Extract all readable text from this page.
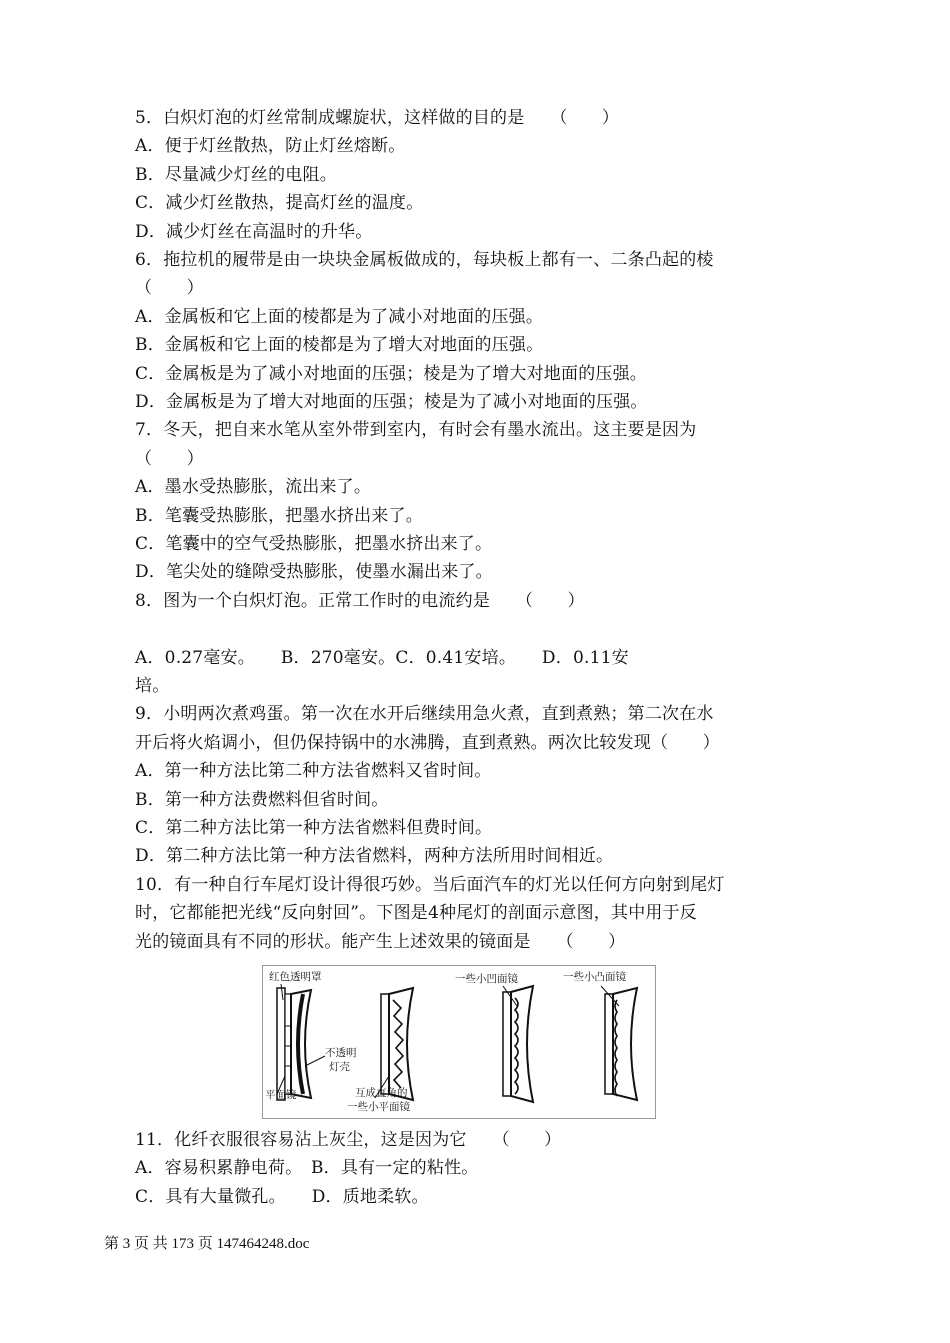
5．白炽灯泡的灯丝常制成螺旋状，这样做的目的是　　（　　）
A．便于灯丝散热，防止灯丝熔断。
B．尽量减少灯丝的电阻。
C．减少灯丝散热，提高灯丝的温度。
D．减少灯丝在高温时的升华。
6．拖拉机的履带是由一块块金属板做成的，每块板上都有一、二条凸起的棱
（　　）
A．金属板和它上面的棱都是为了减小对地面的压强。
B．金属板和它上面的棱都是为了增大对地面的压强。
C．金属板是为了减小对地面的压强；棱是为了增大对地面的压强。
D．金属板是为了增大对地面的压强；棱是为了减小对地面的压强。
7．冬天，把自来水笔从室外带到室内，有时会有墨水流出。这主要是因为
（　　）
A．墨水受热膨胀，流出来了。
B．笔囊受热膨胀，把墨水挤出来了。
C．笔囊中的空气受热膨胀，把墨水挤出来了。
D．笔尖处的缝隙受热膨胀，使墨水漏出来了。
8．图为一个白炽灯泡。正常工作时的电流约是　　（　　）
A．0.27毫安。　　B．270毫安。C．0.41安培。　　D．0.11安
培。
9．小明两次煮鸡蛋。第一次在水开后继续用急火煮，直到煮熟；第二次在水
开后将火焰调小，但仍保持锅中的水沸腾，直到煮熟。两次比较发现（　　）
A．第一种方法比第二种方法省燃料又省时间。
B．第一种方法费燃料但省时间。
C．第二种方法比第一种方法省燃料但费时间。
D．第二种方法比第一种方法省燃料，两种方法所用时间相近。
10．有一种自行车尾灯设计得很巧妙。当后面汽车的灯光以任何方向射到尾灯
时，它都能把光线“反向射回”。下图是4种尾灯的剖面示意图，其中用于反
光的镜面具有不同的形状。能产生上述效果的镜面是　　（　　）
红色透明罩
不透明
灯壳
平面镜	互成直角的
一些小平面镜
一些小凹面镜	一些小凸面镜
11．化纤衣服很容易沾上灰尘，这是因为它　　（　　）
A．容易积累静电荷。　B．具有一定的粘性。
C．具有大量微孔。　　D．质地柔软。
第 3 页 共 173 页 147464248.doc
